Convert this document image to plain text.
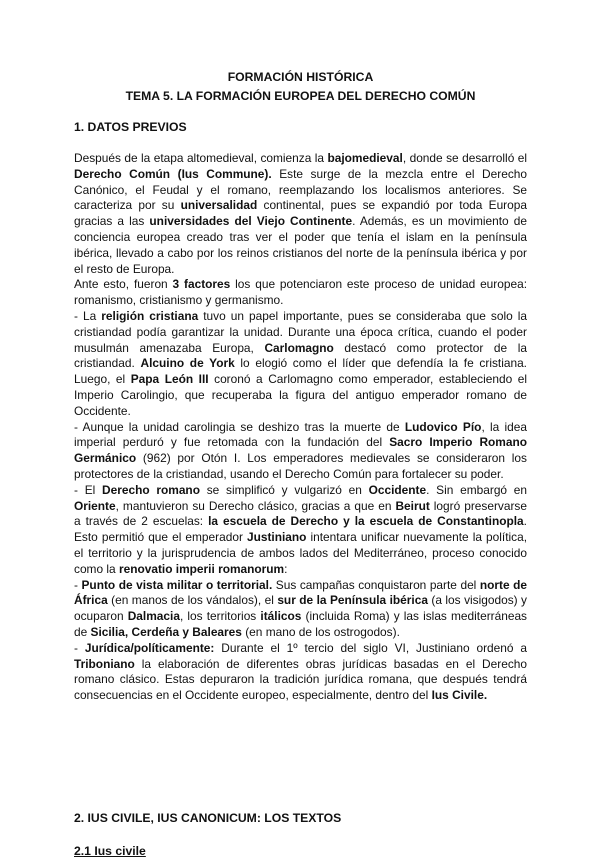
FORMACIÓN HISTÓRICA
TEMA 5. LA FORMACIÓN EUROPEA DEL DERECHO COMÚN
1. DATOS PREVIOS

Después de la etapa altomedieval, comienza la bajomedieval, donde se desarrolló el Derecho Común (Ius Commune). Este surge de la mezcla entre el Derecho Canónico, el Feudal y el romano, reemplazando los localismos anteriores. Se caracteriza por su universalidad continental, pues se expandió por toda Europa gracias a las universidades del Viejo Continente. Además, es un movimiento de conciencia europea creado tras ver el poder que tenía el islam en la península ibérica, llevado a cabo por los reinos cristianos del norte de la península ibérica y por el resto de Europa.

Ante esto, fueron 3 factores los que potenciaron este proceso de unidad europea: romanismo, cristianismo y germanismo.

- La religión cristiana tuvo un papel importante, pues se consideraba que solo la cristiandad podía garantizar la unidad. Durante una época crítica, cuando el poder musulmán amenazaba Europa, Carlomagno destacó como protector de la cristiandad. Alcuino de York lo elogió como el líder que defendía la fe cristiana. Luego, el Papa León III coronó a Carlomagno como emperador, estableciendo el Imperio Carolingio, que recuperaba la figura del antiguo emperador romano de Occidente.

- Aunque la unidad carolingia se deshizo tras la muerte de Ludovico Pío, la idea imperial perduró y fue retomada con la fundación del Sacro Imperio Romano Germánico (962) por Otón I. Los emperadores medievales se consideraron los protectores de la cristiandad, usando el Derecho Común para fortalecer su poder.

- El Derecho romano se simplificó y vulgarizó en Occidente. Sin embargó en Oriente, mantuvieron su Derecho clásico, gracias a que en Beirut logró preservarse a través de 2 escuelas: la escuela de Derecho y la escuela de Constantinopla. Esto permitió que el emperador Justiniano intentara unificar nuevamente la política, el territorio y la jurisprudencia de ambos lados del Mediterráneo, proceso conocido como la renovatio imperii romanorum:

- Punto de vista militar o territorial. Sus campañas conquistaron parte del norte de África (en manos de los vándalos), el sur de la Península ibérica (a los visigodos) y ocuparon Dalmacia, los territorios itálicos (incluida Roma) y las islas mediterráneas de Sicilia, Cerdeña y Baleares (en mano de los ostrogodos).

- Jurídica/políticamente: Durante el 1º tercio del siglo VI, Justiniano ordenó a Triboniano la elaboración de diferentes obras jurídicas basadas en el Derecho romano clásico. Estas depuraron la tradición jurídica romana, que después tendrá consecuencias en el Occidente europeo, especialmente, dentro del Ius Civile.

2. IUS CIVILE, IUS CANONICUM: LOS TEXTOS
2.1 Ius civile
